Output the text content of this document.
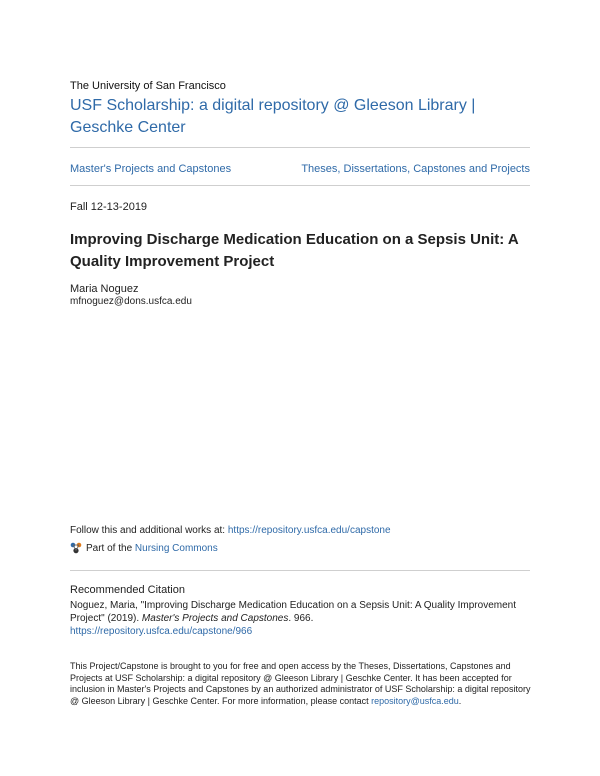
The University of San Francisco
USF Scholarship: a digital repository @ Gleeson Library | Geschke Center
Master's Projects and Capstones	Theses, Dissertations, Capstones and Projects
Fall 12-13-2019
Improving Discharge Medication Education on a Sepsis Unit: A Quality Improvement Project
Maria Noguez
mfnoguez@dons.usfca.edu
Follow this and additional works at: https://repository.usfca.edu/capstone
Part of the
Nursing Commons
Recommended Citation
Noguez, Maria, "Improving Discharge Medication Education on a Sepsis Unit: A Quality Improvement Project" (2019). Master's Projects and Capstones. 966.
https://repository.usfca.edu/capstone/966
This Project/Capstone is brought to you for free and open access by the Theses, Dissertations, Capstones and Projects at USF Scholarship: a digital repository @ Gleeson Library | Geschke Center. It has been accepted for inclusion in Master's Projects and Capstones by an authorized administrator of USF Scholarship: a digital repository @ Gleeson Library | Geschke Center. For more information, please contact repository@usfca.edu.
